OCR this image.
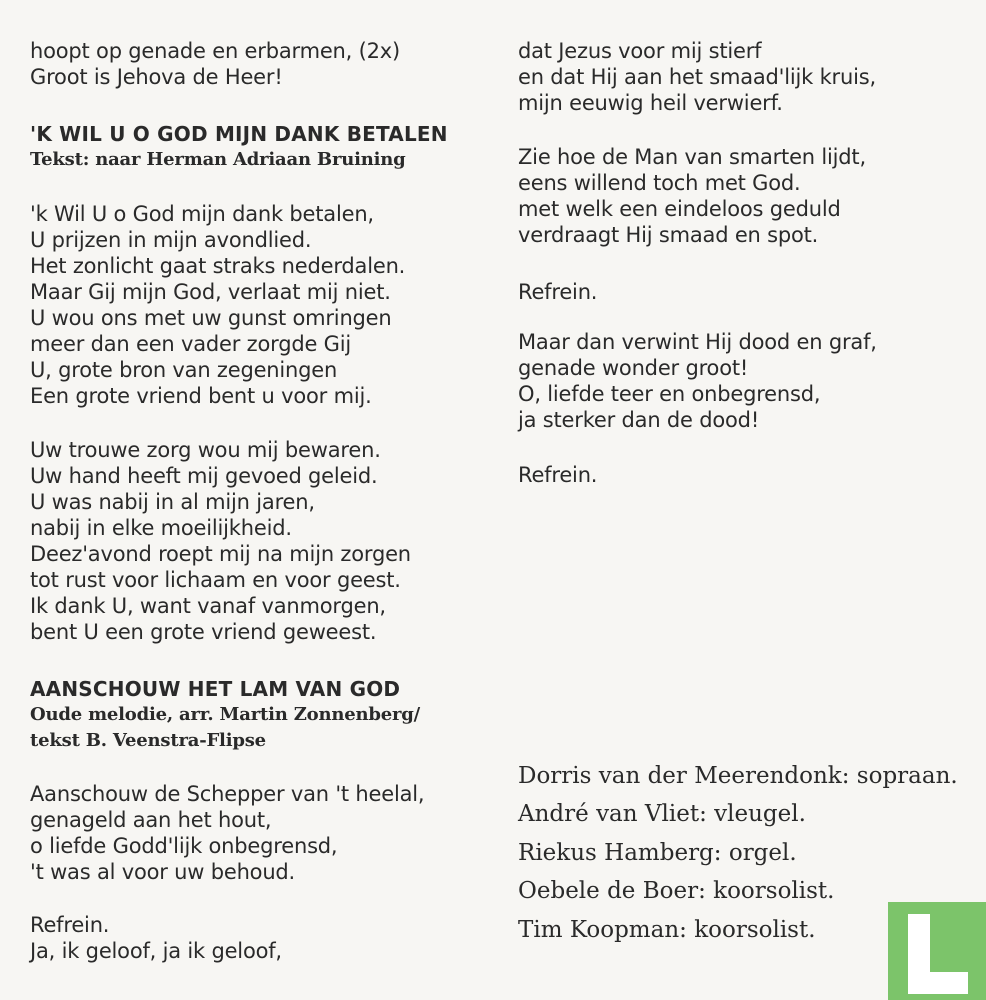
hoopt op genade en erbarmen, (2x)
Groot is Jehova de Heer!
'K WIL U O GOD MIJN DANK BETALEN
Tekst: naar Herman Adriaan Bruining
'k Wil U o God mijn dank betalen,
U prijzen in mijn avondlied.
Het zonlicht gaat straks nederdalen.
Maar Gij mijn God, verlaat mij niet.
U wou ons met uw gunst omringen
meer dan een vader zorgde Gij
U, grote bron van zegeningen
Een grote vriend bent u voor mij.
Uw trouwe zorg wou mij bewaren.
Uw hand heeft mij gevoed geleid.
U was nabij in al mijn jaren,
nabij in elke moeilijkheid.
Deez'avond roept mij na mijn zorgen
tot rust voor lichaam en voor geest.
Ik dank U, want vanaf vanmorgen,
bent U een grote vriend geweest.
AANSCHOUW HET LAM VAN GOD
Oude melodie, arr. Martin Zonnenberg/
tekst B. Veenstra-Flipse
Aanschouw de Schepper van 't heelal,
genageld aan het hout,
o liefde Godd'lijk onbegrensd,
't was al voor uw behoud.
Refrein.
Ja, ik geloof, ja ik geloof,
dat Jezus voor mij stierf
en dat Hij aan het smaad'lijk kruis,
mijn eeuwig heil verwierf.
Zie hoe de Man van smarten lijdt,
eens willend toch met God.
met welk een eindeloos geduld
verdraagt Hij smaad en spot.
Refrein.
Maar dan verwint Hij dood en graf,
genade wonder groot!
O, liefde teer en onbegrensd,
ja sterker dan de dood!
Refrein.
Dorris van der Meerendonk: sopraan.
André van Vliet: vleugel.
Riekus Hamberg: orgel.
Oebele de Boer: koorsolist.
Tim Koopman: koorsolist.
